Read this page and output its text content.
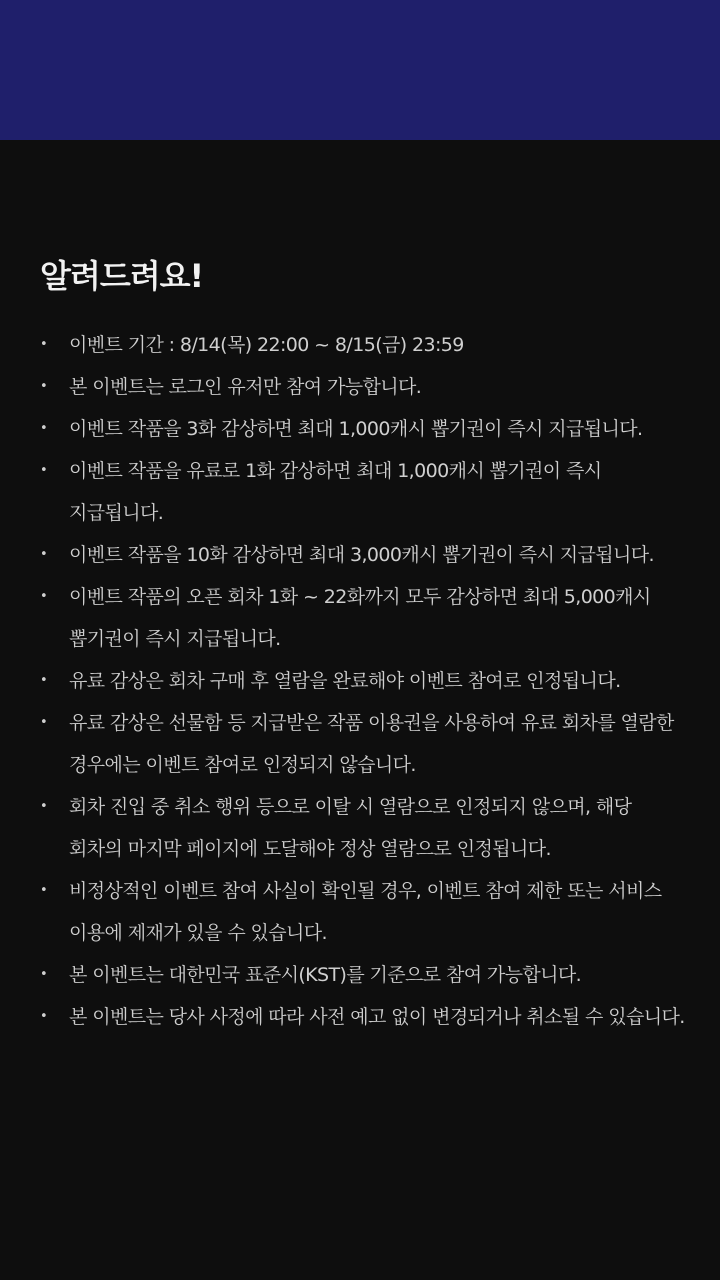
알려드려요!
• 이벤트 기간 : 8/14(목) 22:00 ~ 8/15(금) 23:59
• 본 이벤트는 로그인 유저만 참여 가능합니다.
• 이벤트 작품을 3화 감상하면 최대 1,000캐시 뽑기권이 즉시 지급됩니다.
• 이벤트 작품을 유료로 1화 감상하면 최대 1,000캐시 뽑기권이 즉시 지급됩니다.
• 이벤트 작품을 10화 감상하면 최대 3,000캐시 뽑기권이 즉시 지급됩니다.
• 이벤트 작품의 오픈 회차 1화 ~ 22화까지 모두 감상하면 최대 5,000캐시 뽑기권이 즉시 지급됩니다.
• 유료 감상은 회차 구매 후 열람을 완료해야 이벤트 참여로 인정됩니다.
• 유료 감상은 선물함 등 지급받은 작품 이용권을 사용하여 유료 회차를 열람한 경우에는 이벤트 참여로 인정되지 않습니다.
• 회차 진입 중 취소 행위 등으로 이탈 시 열람으로 인정되지 않으며, 해당 회차의 마지막 페이지에 도달해야 정상 열람으로 인정됩니다.
• 비정상적인 이벤트 참여 사실이 확인될 경우, 이벤트 참여 제한 또는 서비스 이용에 제재가 있을 수 있습니다.
• 본 이벤트는 대한민국 표준시(KST)를 기준으로 참여 가능합니다.
• 본 이벤트는 당사 사정에 따라 사전 예고 없이 변경되거나 취소될 수 있습니다.
